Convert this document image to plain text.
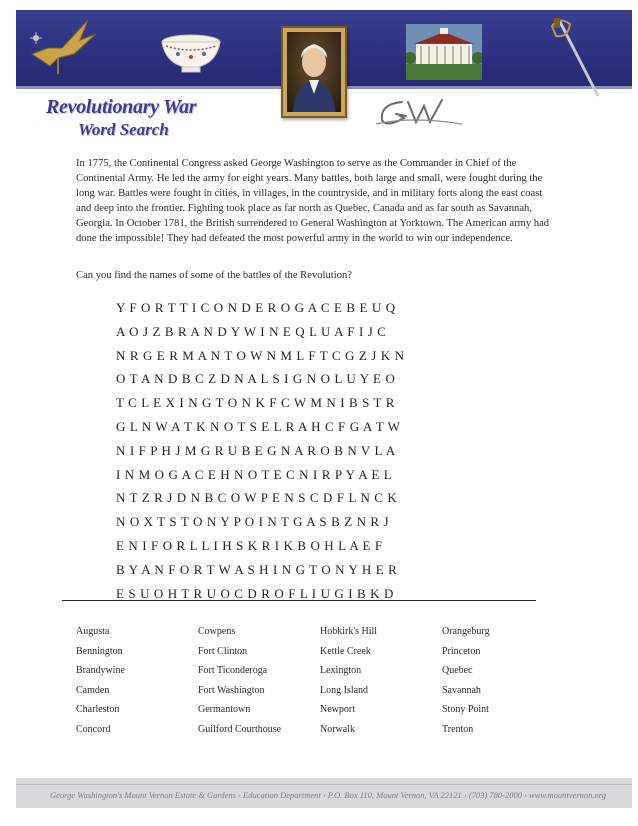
Revolutionary War
Word Search
In 1775, the Continental Congress asked George Washington to serve as the Commander in Chief of the Continental Army. He led the army for eight years. Many battles, both large and small, were fought during the long war. Battles were fought in cities, in villages, in the countryside, and in military forts along the east coast and deep into the frontier. Fighting took place as far north as Quebec, Canada and as far south as Savannah, Georgia. In October 1781, the British surrendered to General Washington at Yorktown. The American army had done the impossible! They had defeated the most powerful army in the world to win our independence.
Can you find the names of some of the battles of the Revolution?
Y F O R T T I C O N D E R O G A C E B E U Q
A O J Z B R A N D Y W I N E Q L U A F I J C
N R G E R M A N T O W N M L F T C G Z J K N
O T A N D B C Z D N A L S I G N O L U Y E O
T C L E X I N G T O N K F C W M N I B S T R
G L N W A T K N O T S E L R A H C F G A T W
N I F P H J M G R U B E G N A R O B N V L A
I N M O G A C E H N O T E C N I R P Y A E L
N T Z R J D N B C O W P E N S C D F L N C K
N O X T S T O N Y P O I N T G A S B Z N R J
E N I F O R L L I H S K R I K B O H L A E F
B Y A N F O R T W A S H I N G T O N Y H E R
E S U O H T R U O C D R O F L I U G I B K D
Augusta	Cowpens	Hobkirk's Hill	Orangeburg
Bennington	Fort Clinton	Kettle Creek	Princeton
Brandywine	Fort Ticonderoga	Lexington	Quebec
Camden	Fort Washington	Long Island	Savannah
Charleston	Germantown	Newport	Stony Point
Concord	Guilford Courthouse	Norwalk	Trenton
George Washington's Mount Vernon Estate & Gardens › Education Department › P.O. Box 110, Mount Vernon, VA 22121 › (703) 780-2000 › www.mountvernon.org
